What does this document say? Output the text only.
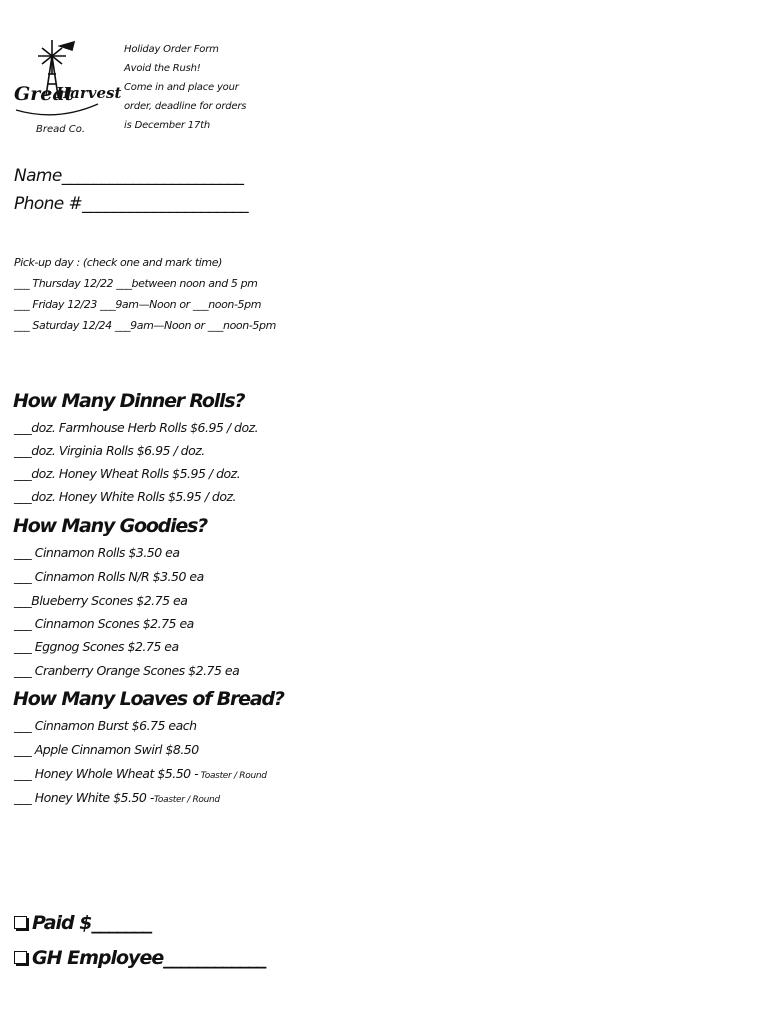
Great
Harvest
Bread Co.
Holiday Order Form
Avoid the Rush!
Come in and place your
order, deadline for orders
is December 17th
Name_______________________
Phone #_____________________
Pick-up day : (check one and mark time)
___ Thursday 12/22 ___between noon and 5 pm
___ Friday 12/23 ___9am—Noon or ___noon-5pm
___ Saturday 12/24 ___9am—Noon or ___noon-5pm
How Many Dinner Rolls?
___doz. Farmhouse Herb Rolls $6.95 / doz.
___doz. Virginia Rolls $6.95 / doz.
___doz. Honey Wheat Rolls $5.95 / doz.
___doz. Honey White Rolls $5.95 / doz.
How Many Goodies?
___ Cinnamon Rolls $3.50 ea
___ Cinnamon Rolls N/R $3.50 ea
___Blueberry Scones $2.75 ea
___ Cinnamon Scones $2.75 ea
___ Eggnog Scones $2.75 ea
___ Cranberry Orange Scones $2.75 ea
How Many Loaves of Bread?
___ Cinnamon Burst $6.75 each
___ Apple Cinnamon Swirl $8.50
___ Honey Whole Wheat $5.50 - Toaster / Round
___ Honey White $5.50 -Toaster / Round
Paid $_______
GH Employee____________
